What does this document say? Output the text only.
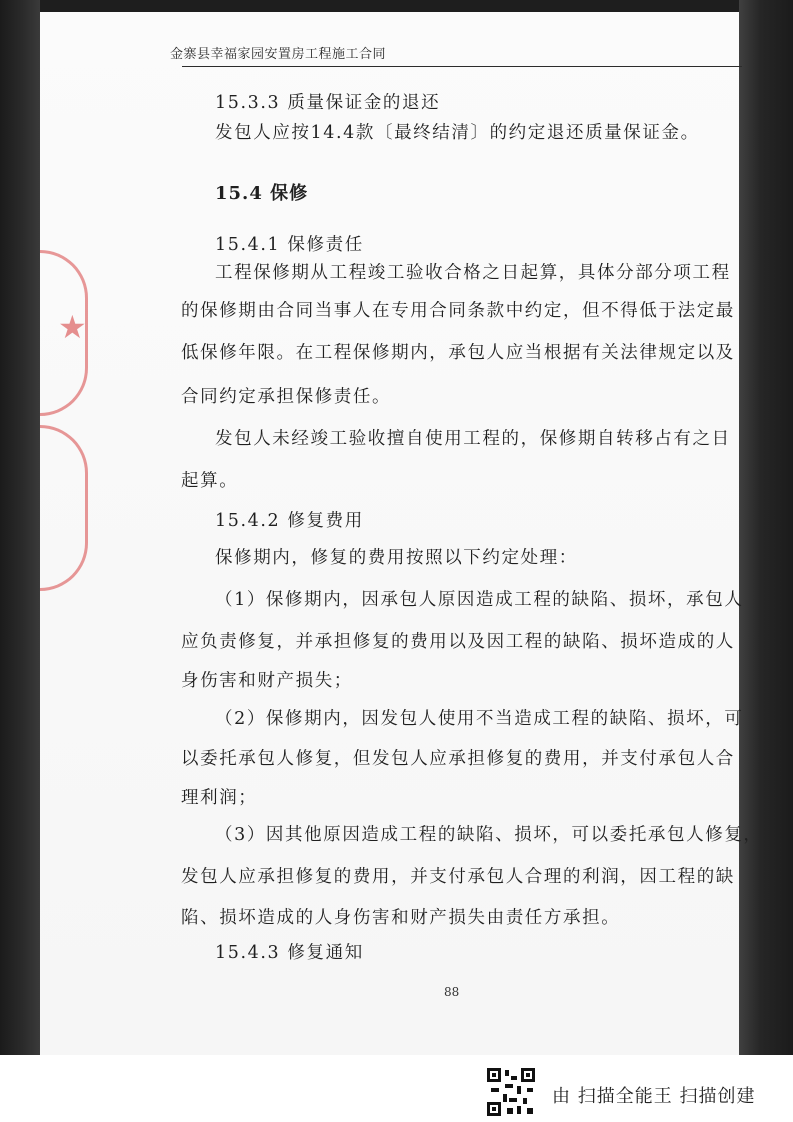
★
金寨县幸福家园安置房工程施工合同
15.3.3 质量保证金的退还
发包人应按14.4款〔最终结清〕的约定退还质量保证金。
15.4 保修
15.4.1 保修责任
工程保修期从工程竣工验收合格之日起算，具体分部分项工程
的保修期由合同当事人在专用合同条款中约定，但不得低于法定最
低保修年限。在工程保修期内，承包人应当根据有关法律规定以及
合同约定承担保修责任。
发包人未经竣工验收擅自使用工程的，保修期自转移占有之日
起算。
15.4.2 修复费用
保修期内，修复的费用按照以下约定处理：
（1）保修期内，因承包人原因造成工程的缺陷、损坏，承包人
应负责修复，并承担修复的费用以及因工程的缺陷、损坏造成的人
身伤害和财产损失；
（2）保修期内，因发包人使用不当造成工程的缺陷、损坏，可
以委托承包人修复，但发包人应承担修复的费用，并支付承包人合
理利润；
（3）因其他原因造成工程的缺陷、损坏，可以委托承包人修复，
发包人应承担修复的费用，并支付承包人合理的利润，因工程的缺
陷、损坏造成的人身伤害和财产损失由责任方承担。
15.4.3 修复通知
88
由 扫描全能王 扫描创建
